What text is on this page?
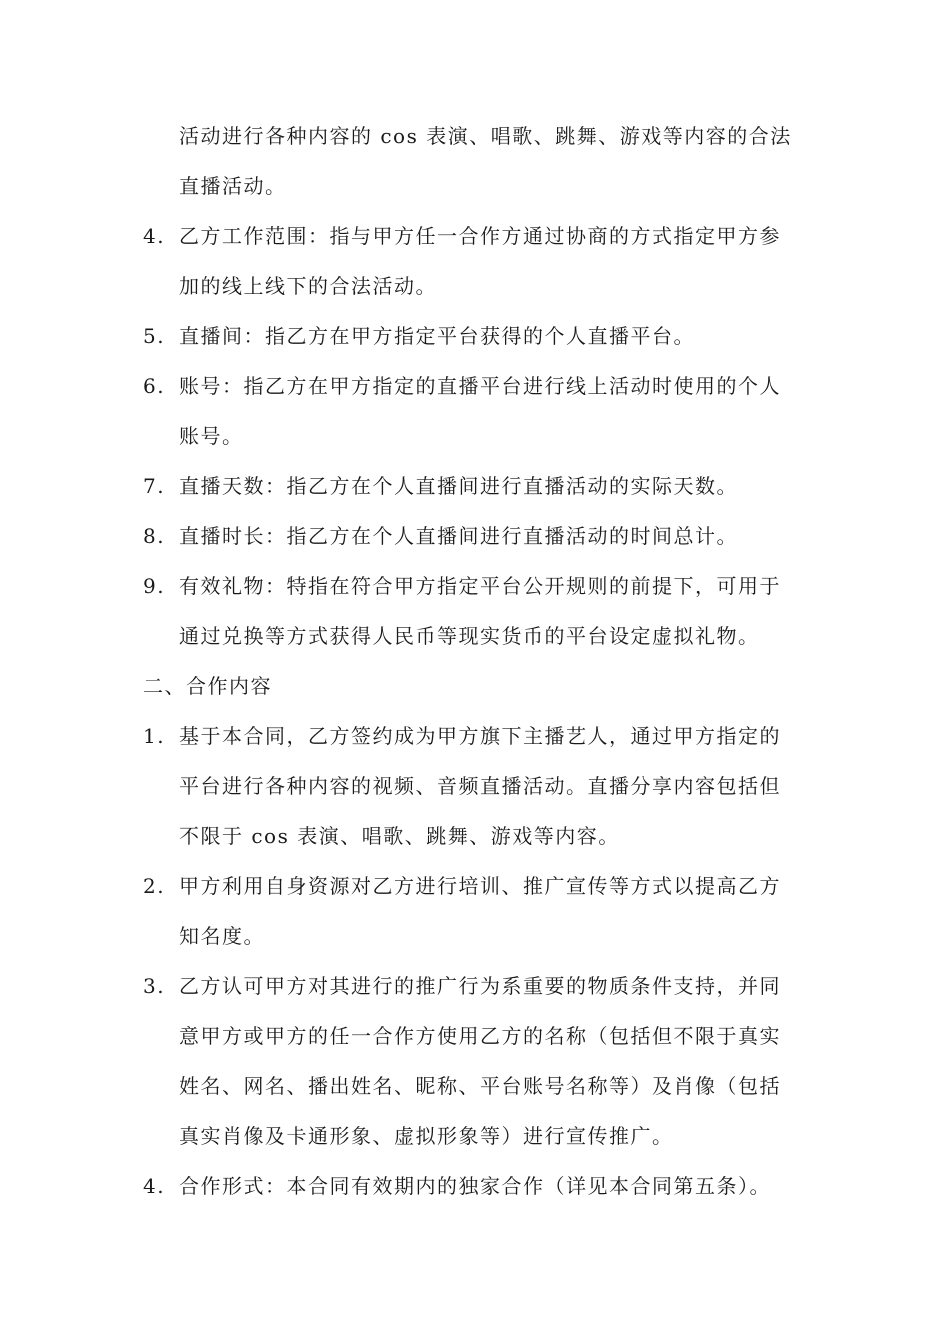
活动进行各种内容的 cos 表演、唱歌、跳舞、游戏等内容的合法
直播活动。
4. 乙方工作范围：指与甲方任一合作方通过协商的方式指定甲方参
加的线上线下的合法活动。
5. 直播间：指乙方在甲方指定平台获得的个人直播平台。
6. 账号：指乙方在甲方指定的直播平台进行线上活动时使用的个人
账号。
7. 直播天数：指乙方在个人直播间进行直播活动的实际天数。
8. 直播时长：指乙方在个人直播间进行直播活动的时间总计。
9. 有效礼物：特指在符合甲方指定平台公开规则的前提下，可用于
通过兑换等方式获得人民币等现实货币的平台设定虚拟礼物。
二、合作内容
1. 基于本合同，乙方签约成为甲方旗下主播艺人，通过甲方指定的
平台进行各种内容的视频、音频直播活动。直播分享内容包括但
不限于 cos 表演、唱歌、跳舞、游戏等内容。
2. 甲方利用自身资源对乙方进行培训、推广宣传等方式以提高乙方
知名度。
3. 乙方认可甲方对其进行的推广行为系重要的物质条件支持，并同
意甲方或甲方的任一合作方使用乙方的名称（包括但不限于真实
姓名、网名、播出姓名、昵称、平台账号名称等）及肖像（包括
真实肖像及卡通形象、虚拟形象等）进行宣传推广。
4. 合作形式：本合同有效期内的独家合作（详见本合同第五条）。
